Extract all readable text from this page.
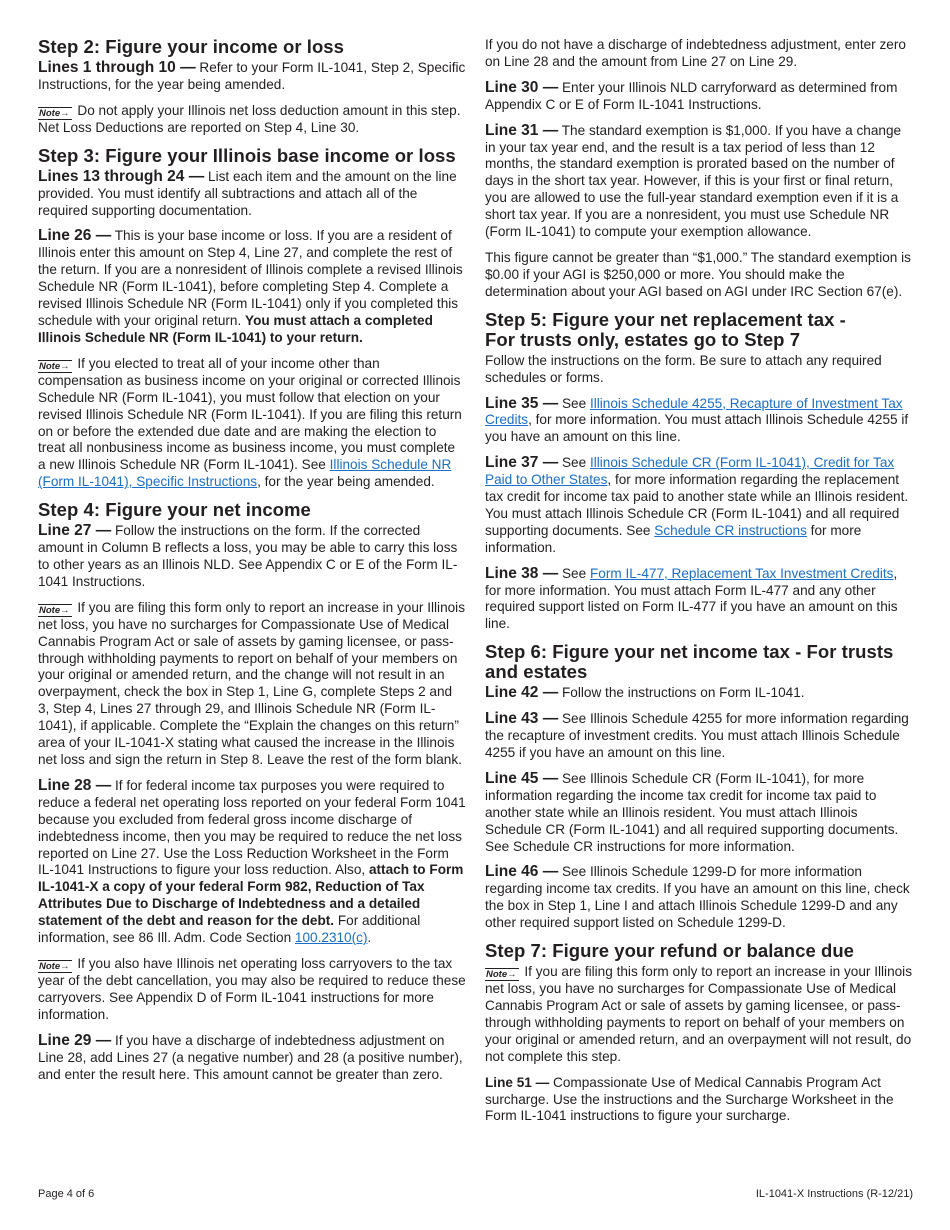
Step 2: Figure your income or loss

Lines 1 through 10 — Refer to your Form IL-1041, Step 2, Specific Instructions, for the year being amended.

Note→ Do not apply your Illinois net loss deduction amount in this step. Net Loss Deductions are reported on Step 4, Line 30.

Step 3: Figure your Illinois base income or loss

Lines 13 through 24 — List each item and the amount on the line provided. You must identify all subtractions and attach all of the required supporting documentation.

Line 26 — This is your base income or loss. If you are a resident of Illinois enter this amount on Step 4, Line 27, and complete the rest of the return. If you are a nonresident of Illinois complete a revised Illinois Schedule NR (Form IL-1041), before completing Step 4. Complete a revised Illinois Schedule NR (Form IL-1041) only if you completed this schedule with your original return. You must attach a completed Illinois Schedule NR (Form IL-1041) to your return.

Note→ If you elected to treat all of your income other than compensation as business income on your original or corrected Illinois Schedule NR (Form IL-1041), you must follow that election on your revised Illinois Schedule NR (Form IL-1041). If you are filing this return on or before the extended due date and are making the election to treat all nonbusiness income as business income, you must complete a new Illinois Schedule NR (Form IL-1041). See Illinois Schedule NR (Form IL-1041), Specific Instructions, for the year being amended.

Step 4: Figure your net income

Line 27 — Follow the instructions on the form. If the corrected amount in Column B reflects a loss, you may be able to carry this loss to other years as an Illinois NLD. See Appendix C or E of the Form IL-1041 Instructions.

Note→ If you are filing this form only to report an increase in your Illinois net loss, you have no surcharges for Compassionate Use of Medical Cannabis Program Act or sale of assets by gaming licensee, or pass-through withholding payments to report on behalf of your members on your original or amended return, and the change will not result in an overpayment, check the box in Step 1, Line G, complete Steps 2 and 3, Step 4, Lines 27 through 29, and Illinois Schedule NR (Form IL-1041), if applicable. Complete the “Explain the changes on this return” area of your IL-1041-X stating what caused the increase in the Illinois net loss and sign the return in Step 8. Leave the rest of the form blank.

Line 28 — If for federal income tax purposes you were required to reduce a federal net operating loss reported on your federal Form 1041 because you excluded from federal gross income discharge of indebtedness income, then you may be required to reduce the net loss reported on Line 27. Use the Loss Reduction Worksheet in the Form IL-1041 Instructions to figure your loss reduction. Also, attach to Form IL-1041-X a copy of your federal Form 982, Reduction of Tax Attributes Due to Discharge of Indebtedness and a detailed statement of the debt and reason for the debt. For additional information, see 86 Ill. Adm. Code Section 100.2310(c).

Note→ If you also have Illinois net operating loss carryovers to the tax year of the debt cancellation, you may also be required to reduce these carryovers. See Appendix D of Form IL-1041 instructions for more information.

Line 29 — If you have a discharge of indebtedness adjustment on Line 28, add Lines 27 (a negative number) and 28 (a positive number), and enter the result here. This amount cannot be greater than zero.

If you do not have a discharge of indebtedness adjustment, enter zero on Line 28 and the amount from Line 27 on Line 29.

Line 30 — Enter your Illinois NLD carryforward as determined from Appendix C or E of Form IL-1041 Instructions.

Line 31 — The standard exemption is $1,000. If you have a change in your tax year end, and the result is a tax period of less than 12 months, the standard exemption is prorated based on the number of days in the short tax year. However, if this is your first or final return, you are allowed to use the full-year standard exemption even if it is a short tax year. If you are a nonresident, you must use Schedule NR (Form IL-1041) to compute your exemption allowance.

This figure cannot be greater than “$1,000.” The standard exemption is $0.00 if your AGI is $250,000 or more. You should make the determination about your AGI based on AGI under IRC Section 67(e).

Step 5: Figure your net replacement tax -
For trusts only, estates go to Step 7

Follow the instructions on the form. Be sure to attach any required schedules or forms.

Line 35 — See Illinois Schedule 4255, Recapture of Investment Tax Credits, for more information. You must attach Illinois Schedule 4255 if you have an amount on this line.

Line 37 — See Illinois Schedule CR (Form IL-1041), Credit for Tax Paid to Other States, for more information regarding the replacement tax credit for income tax paid to another state while an Illinois resident. You must attach Illinois Schedule CR (Form IL-1041) and all required supporting documents. See Schedule CR instructions for more information.

Line 38 — See Form IL-477, Replacement Tax Investment Credits, for more information. You must attach Form IL-477 and any other required support listed on Form IL-477 if you have an amount on this line.

Step 6: Figure your net income tax - For trusts
and estates

Line 42 — Follow the instructions on Form IL-1041.

Line 43 — See Illinois Schedule 4255 for more information regarding the recapture of investment credits. You must attach Illinois Schedule 4255 if you have an amount on this line.

Line 45 — See Illinois Schedule CR (Form IL-1041), for more information regarding the income tax credit for income tax paid to another state while an Illinois resident. You must attach Illinois Schedule CR (Form IL-1041) and all required supporting documents. See Schedule CR instructions for more information.

Line 46 — See Illinois Schedule 1299-D for more information regarding income tax credits. If you have an amount on this line, check the box in Step 1, Line I and attach Illinois Schedule 1299-D and any other required support listed on Schedule 1299-D.

Step 7: Figure your refund or balance due

Note→ If you are filing this form only to report an increase in your Illinois net loss, you have no surcharges for Compassionate Use of Medical Cannabis Program Act or sale of assets by gaming licensee, or pass-through withholding payments to report on behalf of your members on your original or amended return, and an overpayment will not result, do not complete this step.

Line 51 — Compassionate Use of Medical Cannabis Program Act surcharge. Use the instructions and the Surcharge Worksheet in the Form IL-1041 instructions to figure your surcharge.

Page 4 of 6	IL-1041-X Instructions (R-12/21)
